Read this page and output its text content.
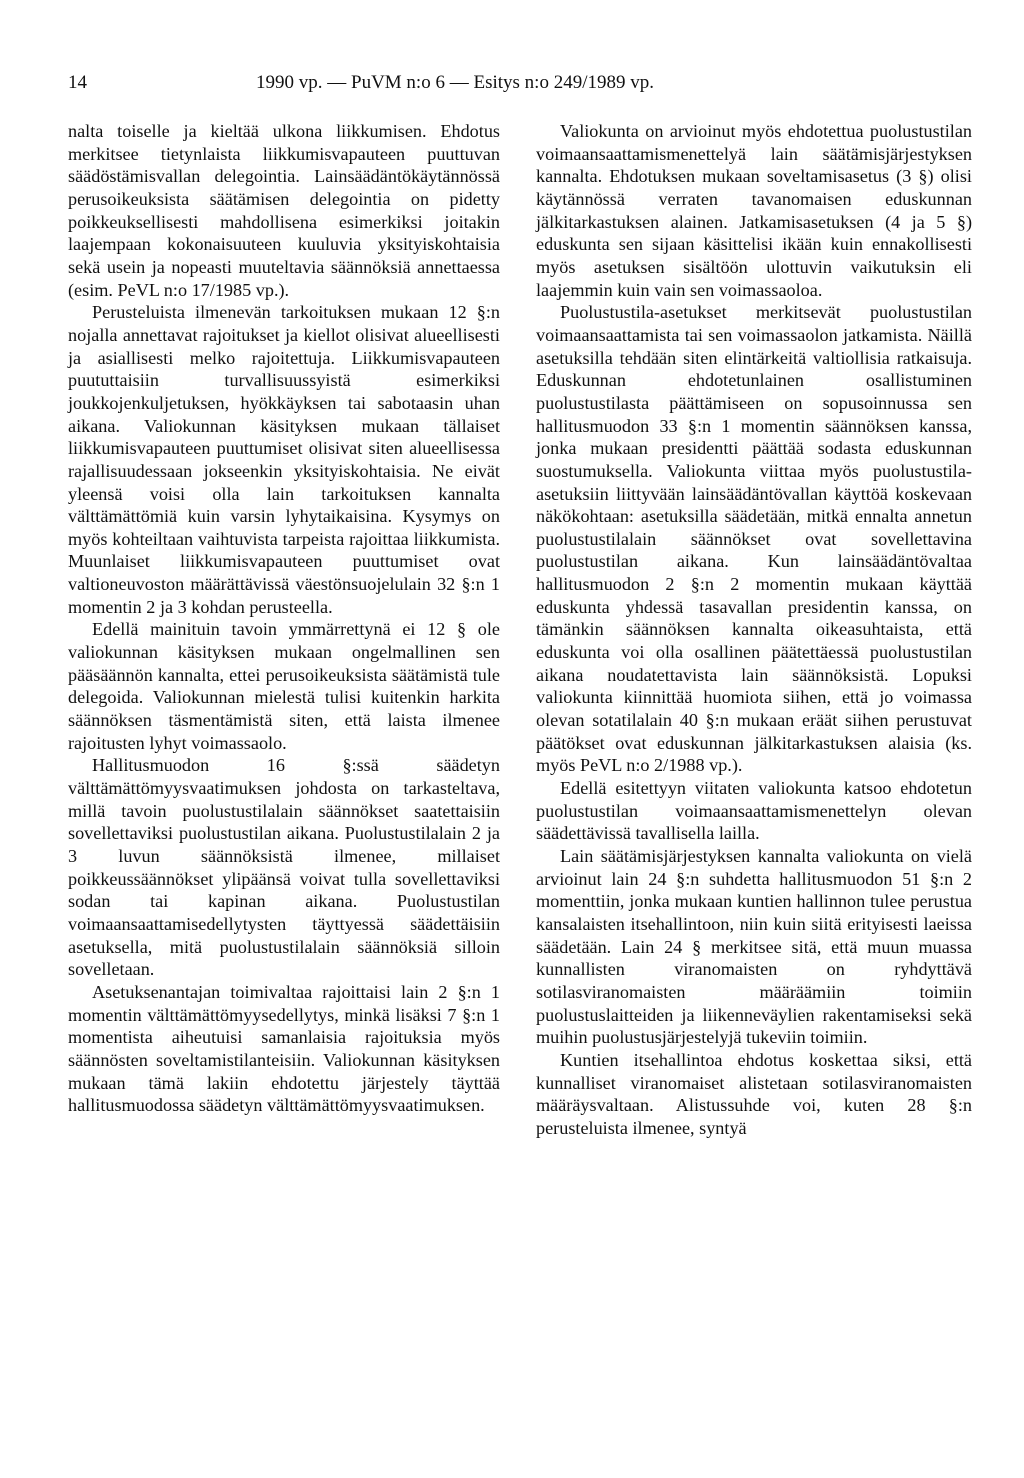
14	1990 vp. — PuVM n:o 6 — Esitys n:o 249/1989 vp.

nalta toiselle ja kieltää ulkona liikkumisen. Ehdotus merkitsee tietynlaista liikkumisvapauteen puuttuvan säädöstämisvallan delegointia. Lainsäädäntökäytännössä perusoikeuksista säätämisen delegointia on pidetty poikkeuksellisesti mahdollisena esimerkiksi joitakin laajempaan kokonaisuuteen kuuluvia yksityiskohtaisia sekä usein ja nopeasti muuteltavia säännöksiä annettaessa (esim. PeVL n:o 17/1985 vp.).

Perusteluista ilmenevän tarkoituksen mukaan 12 §:n nojalla annettavat rajoitukset ja kiellot olisivat alueellisesti ja asiallisesti melko rajoitettuja. Liikkumisvapauteen puututtaisiin turvallisuussyistä esimerkiksi joukkojenkuljetuksen, hyökkäyksen tai sabotaasin uhan aikana. Valiokunnan käsityksen mukaan tällaiset liikkumisvapauteen puuttumiset olisivat siten alueellisessa rajallisuudessaan jokseenkin yksityiskohtaisia. Ne eivät yleensä voisi olla lain tarkoituksen kannalta välttämättömiä kuin varsin lyhytaikaisina. Kysymys on myös kohteiltaan vaihtuvista tarpeista rajoittaa liikkumista. Muunlaiset liikkumisvapauteen puuttumiset ovat valtioneuvoston määrättävissä väestönsuojelulain 32 §:n 1 momentin 2 ja 3 kohdan perusteella.

Edellä mainituin tavoin ymmärrettynä ei 12 § ole valiokunnan käsityksen mukaan ongelmallinen sen pääsäännön kannalta, ettei perusoikeuksista säätämistä tule delegoida. Valiokunnan mielestä tulisi kuitenkin harkita säännöksen täsmentämistä siten, että laista ilmenee rajoitusten lyhyt voimassaolo.

Hallitusmuodon 16 §:ssä säädetyn välttämättömyysvaatimuksen johdosta on tarkasteltava, millä tavoin puolustustilalain säännökset saatettaisiin sovellettaviksi puolustustilan aikana. Puolustustilalain 2 ja 3 luvun säännöksistä ilmenee, millaiset poikkeussäännökset ylipäänsä voivat tulla sovellettaviksi sodan tai kapinan aikana. Puolustustilan voimaansaattamisedellytysten täyttyessä säädettäisiin asetuksella, mitä puolustustilalain säännöksiä silloin sovelletaan.

Asetuksenantajan toimivaltaa rajoittaisi lain 2 §:n 1 momentin välttämättömyysedellytys, minkä lisäksi 7 §:n 1 momentista aiheutuisi samanlaisia rajoituksia myös säännösten soveltamistilanteisiin. Valiokunnan käsityksen mukaan tämä lakiin ehdotettu järjestely täyttää hallitusmuodossa säädetyn välttämättömyysvaatimuksen.

Valiokunta on arvioinut myös ehdotettua puolustustilan voimaansaattamismenettelyä lain säätämisjärjestyksen kannalta. Ehdotuksen mukaan soveltamisasetus (3 §) olisi käytännössä verraten tavanomaisen eduskunnan jälkitarkastuksen alainen. Jatkamisasetuksen (4 ja 5 §) eduskunta sen sijaan käsittelisi ikään kuin ennakollisesti myös asetuksen sisältöön ulottuvin vaikutuksin eli laajemmin kuin vain sen voimassaoloa.

Puolustustila-asetukset merkitsevät puolustustilan voimaansaattamista tai sen voimassaolon jatkamista. Näillä asetuksilla tehdään siten elintärkeitä valtiollisia ratkaisuja. Eduskunnan ehdotetunlainen osallistuminen puolustustilasta päättämiseen on sopusoinnussa sen hallitusmuodon 33 §:n 1 momentin säännöksen kanssa, jonka mukaan presidentti päättää sodasta eduskunnan suostumuksella. Valiokunta viittaa myös puolustustila-asetuksiin liittyvään lainsäädäntövallan käyttöä koskevaan näkökohtaan: asetuksilla säädetään, mitkä ennalta annetun puolustustilalain säännökset ovat sovellettavina puolustustilan aikana. Kun lainsäädäntövaltaa hallitusmuodon 2 §:n 2 momentin mukaan käyttää eduskunta yhdessä tasavallan presidentin kanssa, on tämänkin säännöksen kannalta oikeasuhtaista, että eduskunta voi olla osallinen päätettäessä puolustustilan aikana noudatettavista lain säännöksistä. Lopuksi valiokunta kiinnittää huomiota siihen, että jo voimassa olevan sotatilalain 40 §:n mukaan eräät siihen perustuvat päätökset ovat eduskunnan jälkitarkastuksen alaisia (ks. myös PeVL n:o 2/1988 vp.).

Edellä esitettyyn viitaten valiokunta katsoo ehdotetun puolustustilan voimaansaattamismenettelyn olevan säädettävissä tavallisella lailla.

Lain säätämisjärjestyksen kannalta valiokunta on vielä arvioinut lain 24 §:n suhdetta hallitusmuodon 51 §:n 2 momenttiin, jonka mukaan kuntien hallinnon tulee perustua kansalaisten itsehallintoon, niin kuin siitä erityisesti laeissa säädetään. Lain 24 § merkitsee sitä, että muun muassa kunnallisten viranomaisten on ryhdyttävä sotilasviranomaisten määräämiin toimiin puolustuslaitteiden ja liikenneväylien rakentamiseksi sekä muihin puolustusjärjestelyjä tukeviin toimiin.

Kuntien itsehallintoa ehdotus koskettaa siksi, että kunnalliset viranomaiset alistetaan sotilasviranomaisten määräysvaltaan. Alistussuhde voi, kuten 28 §:n perusteluista ilmenee, syntyä
